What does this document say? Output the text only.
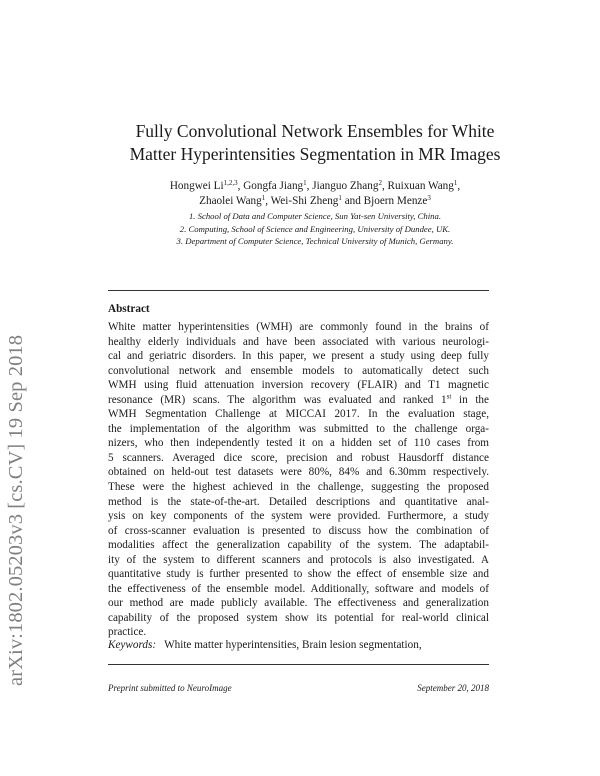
arXiv:1802.05203v3 [cs.CV] 19 Sep 2018
Fully Convolutional Network Ensembles for White
Matter Hyperintensities Segmentation in MR Images
Hongwei Li$^{1,2,3}$, Gongfa Jiang$^1$, Jianguo Zhang$^2$, Ruixuan Wang$^1$,
Zhaolei Wang$^1$, Wei-Shi Zheng$^1$ and Bjoern Menze$^3$
1. School of Data and Computer Science, Sun Yat-sen University, China.
2. Computing, School of Science and Engineering, University of Dundee, UK.
3. Department of Computer Science, Technical University of Munich, Germany.
Abstract
White matter hyperintensities (WMH) are commonly found in the brains of
healthy elderly individuals and have been associated with various neurologi-
cal and geriatric disorders. In this paper, we present a study using deep fully
convolutional network and ensemble models to automatically detect such
WMH using fluid attenuation inversion recovery (FLAIR) and T1 magnetic
resonance (MR) scans. The algorithm was evaluated and ranked 1st in the
WMH Segmentation Challenge at MICCAI 2017. In the evaluation stage,
the implementation of the algorithm was submitted to the challenge orga-
nizers, who then independently tested it on a hidden set of 110 cases from
5 scanners. Averaged dice score, precision and robust Hausdorff distance
obtained on held-out test datasets were 80%, 84% and 6.30mm respectively.
These were the highest achieved in the challenge, suggesting the proposed
method is the state-of-the-art. Detailed descriptions and quantitative anal-
ysis on key components of the system were provided. Furthermore, a study
of cross-scanner evaluation is presented to discuss how the combination of
modalities affect the generalization capability of the system. The adaptabil-
ity of the system to different scanners and protocols is also investigated. A
quantitative study is further presented to show the effect of ensemble size and
the effectiveness of the ensemble model. Additionally, software and models of
our method are made publicly available. The effectiveness and generalization
capability of the proposed system show its potential for real-world clinical
practice.
Keywords: White matter hyperintensities, Brain lesion segmentation,
Preprint submitted to NeuroImage	September 20, 2018
